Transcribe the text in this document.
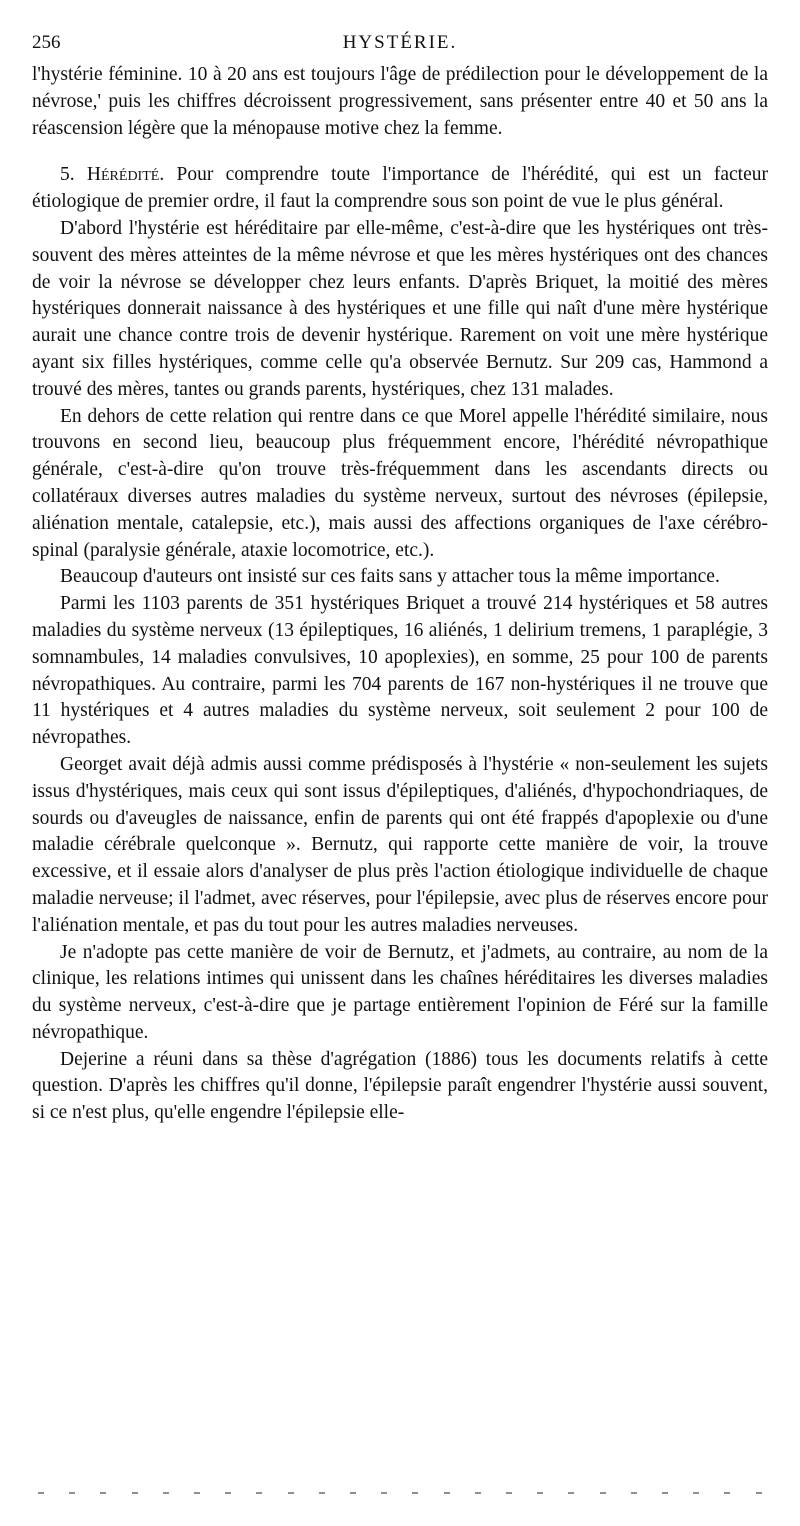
256	HYSTÉRIE.

l'hystérie féminine. 10 à 20 ans est toujours l'âge de prédilection pour le développement de la névrose,' puis les chiffres décroissent progressivement, sans présenter entre 40 et 50 ans la réascension légère que la ménopause motive chez la femme.

5. Hérédité. Pour comprendre toute l'importance de l'hérédité, qui est un facteur étiologique de premier ordre, il faut la comprendre sous son point de vue le plus général.

D'abord l'hystérie est héréditaire par elle-même, c'est-à-dire que les hystériques ont très-souvent des mères atteintes de la même névrose et que les mères hystériques ont des chances de voir la névrose se développer chez leurs enfants. D'après Briquet, la moitié des mères hystériques donnerait naissance à des hystériques et une fille qui naît d'une mère hystérique aurait une chance contre trois de devenir hystérique. Rarement on voit une mère hystérique ayant six filles hystériques, comme celle qu'a observée Bernutz. Sur 209 cas, Hammond a trouvé des mères, tantes ou grands parents, hystériques, chez 131 malades.

En dehors de cette relation qui rentre dans ce que Morel appelle l'hérédité similaire, nous trouvons en second lieu, beaucoup plus fréquemment encore, l'hérédité névropathique générale, c'est-à-dire qu'on trouve très-fréquemment dans les ascendants directs ou collatéraux diverses autres maladies du système nerveux, surtout des névroses (épilepsie, aliénation mentale, catalepsie, etc.), mais aussi des affections organiques de l'axe cérébro-spinal (paralysie générale, ataxie locomotrice, etc.).

Beaucoup d'auteurs ont insisté sur ces faits sans y attacher tous la même importance.

Parmi les 1103 parents de 351 hystériques Briquet a trouvé 214 hystériques et 58 autres maladies du système nerveux (13 épileptiques, 16 aliénés, 1 delirium tremens, 1 paraplégie, 3 somnambules, 14 maladies convulsives, 10 apoplexies), en somme, 25 pour 100 de parents névropathiques. Au contraire, parmi les 704 parents de 167 non-hystériques il ne trouve que 11 hystériques et 4 autres maladies du système nerveux, soit seulement 2 pour 100 de névropathes.

Georget avait déjà admis aussi comme prédisposés à l'hystérie « non-seulement les sujets issus d'hystériques, mais ceux qui sont issus d'épileptiques, d'aliénés, d'hypochondriaques, de sourds ou d'aveugles de naissance, enfin de parents qui ont été frappés d'apoplexie ou d'une maladie cérébrale quelconque ». Bernutz, qui rapporte cette manière de voir, la trouve excessive, et il essaie alors d'analyser de plus près l'action étiologique individuelle de chaque maladie nerveuse; il l'admet, avec réserves, pour l'épilepsie, avec plus de réserves encore pour l'aliénation mentale, et pas du tout pour les autres maladies nerveuses.

Je n'adopte pas cette manière de voir de Bernutz, et j'admets, au contraire, au nom de la clinique, les relations intimes qui unissent dans les chaînes héréditaires les diverses maladies du système nerveux, c'est-à-dire que je partage entièrement l'opinion de Féré sur la famille névropathique.

Dejerine a réuni dans sa thèse d'agrégation (1886) tous les documents relatifs à cette question. D'après les chiffres qu'il donne, l'épilepsie paraît engendrer l'hystérie aussi souvent, si ce n'est plus, qu'elle engendre l'épilepsie elle-
